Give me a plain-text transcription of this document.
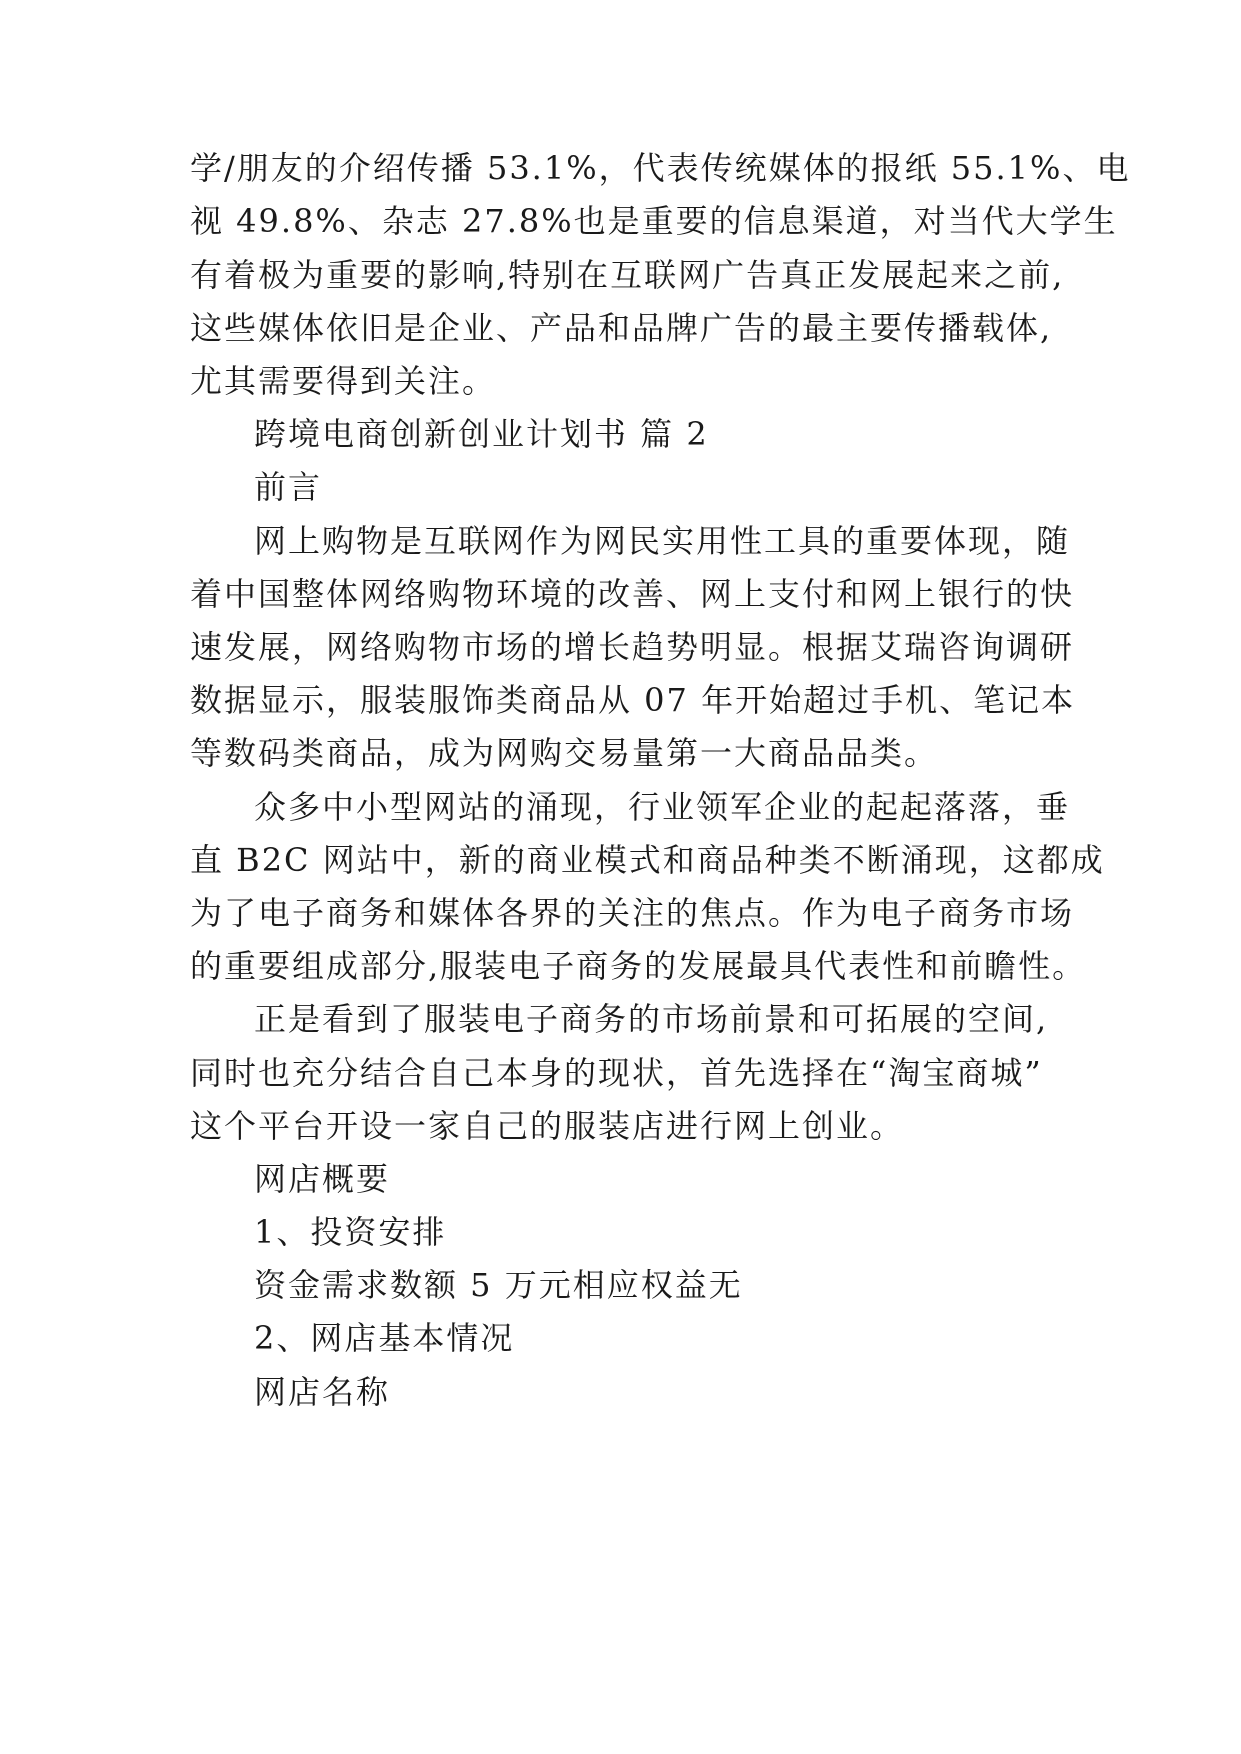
学/朋友的介绍传播 53.1%，代表传统媒体的报纸 55.1%、电
视 49.8%、杂志 27.8%也是重要的信息渠道，对当代大学生
有着极为重要的影响,特别在互联网广告真正发展起来之前,
这些媒体依旧是企业、产品和品牌广告的最主要传播载体,
尤其需要得到关注。
跨境电商创新创业计划书 篇 2
前言
网上购物是互联网作为网民实用性工具的重要体现，随
着中国整体网络购物环境的改善、网上支付和网上银行的快
速发展，网络购物市场的增长趋势明显。根据艾瑞咨询调研
数据显示，服装服饰类商品从 07 年开始超过手机、笔记本
等数码类商品，成为网购交易量第一大商品品类。
众多中小型网站的涌现，行业领军企业的起起落落，垂
直 B2C 网站中，新的商业模式和商品种类不断涌现，这都成
为了电子商务和媒体各界的关注的焦点。作为电子商务市场
的重要组成部分,服装电子商务的发展最具代表性和前瞻性。
正是看到了服装电子商务的市场前景和可拓展的空间,
同时也充分结合自己本身的现状，首先选择在“淘宝商城”
这个平台开设一家自己的服装店进行网上创业。
网店概要
1、投资安排
资金需求数额 5 万元相应权益无
2、网店基本情况
网店名称
